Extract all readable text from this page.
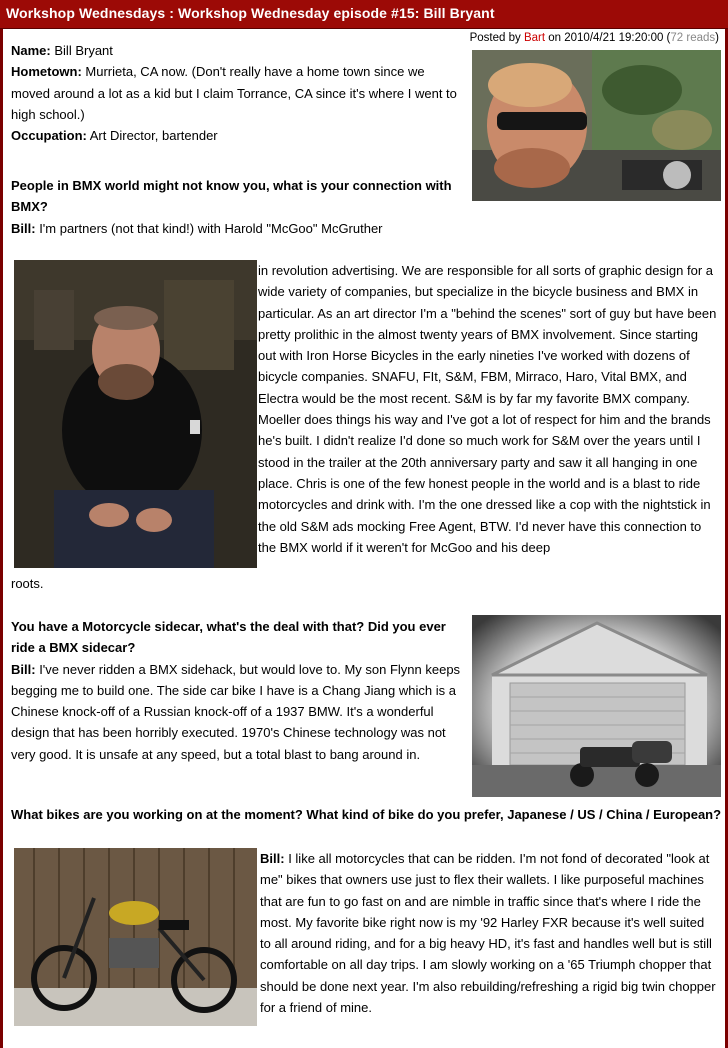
Workshop Wednesdays : Workshop Wednesday episode #15: Bill Bryant
Posted by Bart on 2010/4/21 19:20:00 (72 reads)

Name: Bill Bryant

Hometown: Murrieta, CA now. (Don't really have a home town since we moved around a lot as a kid but I claim Torrance, CA since it's where I went to high school.)

Occupation: Art Director, bartender

People in BMX world might not know you, what is your connection with BMX?

Bill: I'm partners (not that kind!) with Harold "McGoo" McGruther

in revolution advertising. We are responsible for all sorts of graphic design for a wide variety of companies, but specialize in the bicycle business and BMX in particular. As an art director I'm a "behind the scenes" sort of guy but have been pretty prolithic in the almost twenty years of BMX involvement. Since starting out with Iron Horse Bicycles in the early nineties I've worked with dozens of bicycle companies. SNAFU, FIt, S&M, FBM, Mirraco, Haro, Vital BMX, and Electra would be the most recent. S&M is by far my favorite BMX company. Moeller does things his way and I've got a lot of respect for him and the brands he's built. I didn't realize I'd done so much work for S&M over the years until I stood in the trailer at the 20th anniversary party and saw it all hanging in one place. Chris is one of the few honest people in the world and is a blast to ride motorcycles and drink with. I'm the one dressed like a cop with the nightstick in the old S&M ads mocking Free Agent, BTW. I'd never have this connection to the BMX world if it weren't for McGoo and his deep

roots.

You have a Motorcycle sidecar, what's the deal with that? Did you ever ride a BMX sidecar?

Bill: I've never ridden a BMX sidehack, but would love to. My son Flynn keeps begging me to build one. The side car bike I have is a Chang Jiang which is a Chinese knock-off of a Russian knock-off of a 1937 BMW. It's a wonderful design that has been horribly executed. 1970's Chinese technology was not very good. It is unsafe at any speed, but a total blast to bang around in.

What bikes are you working on at the moment? What kind of bike do you prefer, Japanese / US / China / European?

Bill: I like all motorcycles that can be ridden. I'm not fond of decorated "look at me" bikes that owners use just to flex their wallets. I like purposeful machines that are fun to go fast on and are nimble in traffic since that's where I ride the most. My favorite bike right now is my '92 Harley FXR because it's well suited to all around riding, and for a big heavy HD, it's fast and handles well but is still comfortable on all day trips. I am slowly working on a '65 Triumph chopper that should be done next year. I'm also rebuilding/refreshing a rigid big twin chopper for a friend of mine.
